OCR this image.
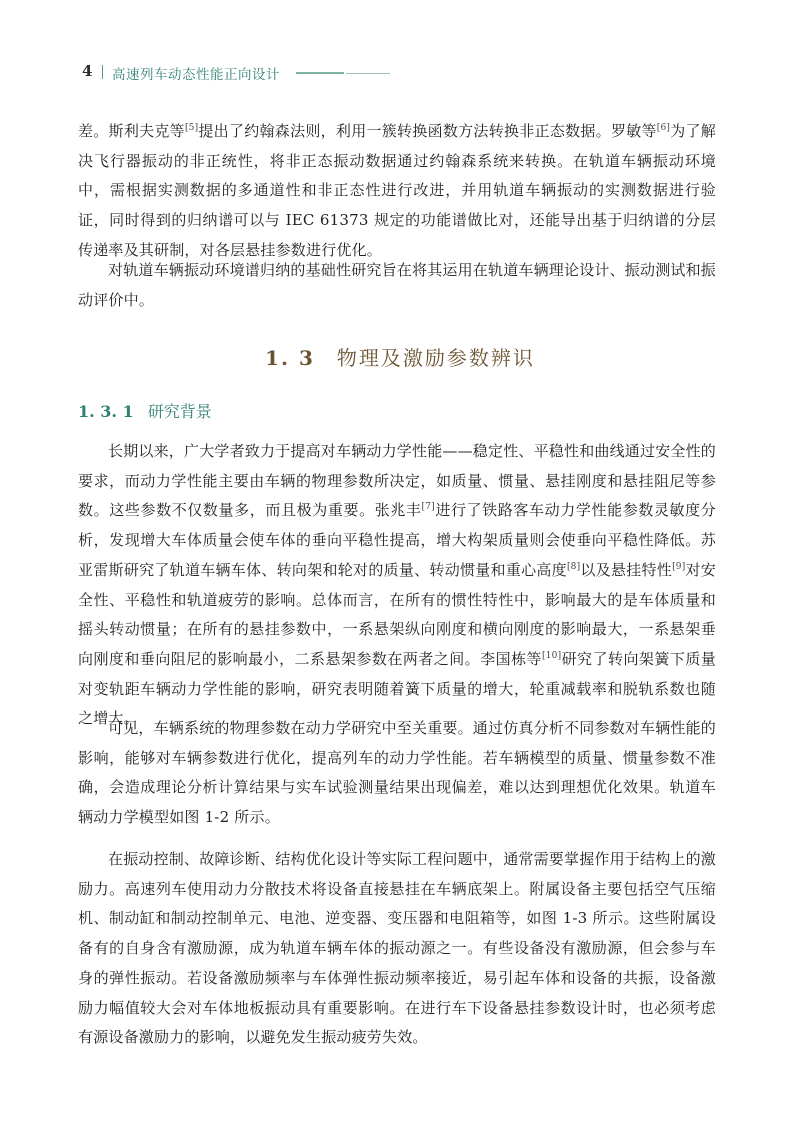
4 高速列车动态性能正向设计
差。斯利夫克等[5]提出了约翰森法则，利用一簇转换函数方法转换非正态数据。罗敏等[6]为了解决飞行器振动的非正统性，将非正态振动数据通过约翰森系统来转换。在轨道车辆振动环境中，需根据实测数据的多通道性和非正态性进行改进，并用轨道车辆振动的实测数据进行验证，同时得到的归纳谱可以与 IEC 61373 规定的功能谱做比对，还能导出基于归纳谱的分层传递率及其研制，对各层悬挂参数进行优化。
对轨道车辆振动环境谱归纳的基础性研究旨在将其运用在轨道车辆理论设计、振动测试和振动评价中。
1. 3 物理及激励参数辨识
1. 3. 1 研究背景
长期以来，广大学者致力于提高对车辆动力学性能——稳定性、平稳性和曲线通过安全性的要求，而动力学性能主要由车辆的物理参数所决定，如质量、惯量、悬挂刚度和悬挂阻尼等参数。这些参数不仅数量多，而且极为重要。张兆丰[7]进行了铁路客车动力学性能参数灵敏度分析，发现增大车体质量会使车体的垂向平稳性提高，增大构架质量则会使垂向平稳性降低。苏亚雷斯研究了轨道车辆车体、转向架和轮对的质量、转动惯量和重心高度[8]以及悬挂特性[9]对安全性、平稳性和轨道疲劳的影响。总体而言，在所有的惯性特性中，影响最大的是车体质量和摇头转动惯量；在所有的悬挂参数中，一系悬架纵向刚度和横向刚度的影响最大，一系悬架垂向刚度和垂向阻尼的影响最小，二系悬架参数在两者之间。李国栋等[10]研究了转向架簧下质量对变轨距车辆动力学性能的影响，研究表明随着簧下质量的增大，轮重减载率和脱轨系数也随之增大。
可见，车辆系统的物理参数在动力学研究中至关重要。通过仿真分析不同参数对车辆性能的影响，能够对车辆参数进行优化，提高列车的动力学性能。若车辆模型的质量、惯量参数不准确，会造成理论分析计算结果与实车试验测量结果出现偏差，难以达到理想优化效果。轨道车辆动力学模型如图 1-2 所示。
在振动控制、故障诊断、结构优化设计等实际工程问题中，通常需要掌握作用于结构上的激励力。高速列车使用动力分散技术将设备直接悬挂在车辆底架上。附属设备主要包括空气压缩机、制动缸和制动控制单元、电池、逆变器、变压器和电阻箱等，如图 1-3 所示。这些附属设备有的自身含有激励源，成为轨道车辆车体的振动源之一。有些设备没有激励源，但会参与车身的弹性振动。若设备激励频率与车体弹性振动频率接近，易引起车体和设备的共振，设备激励力幅值较大会对车体地板振动具有重要影响。在进行车下设备悬挂参数设计时，也必须考虑有源设备激励力的影响，以避免发生振动疲劳失效。
